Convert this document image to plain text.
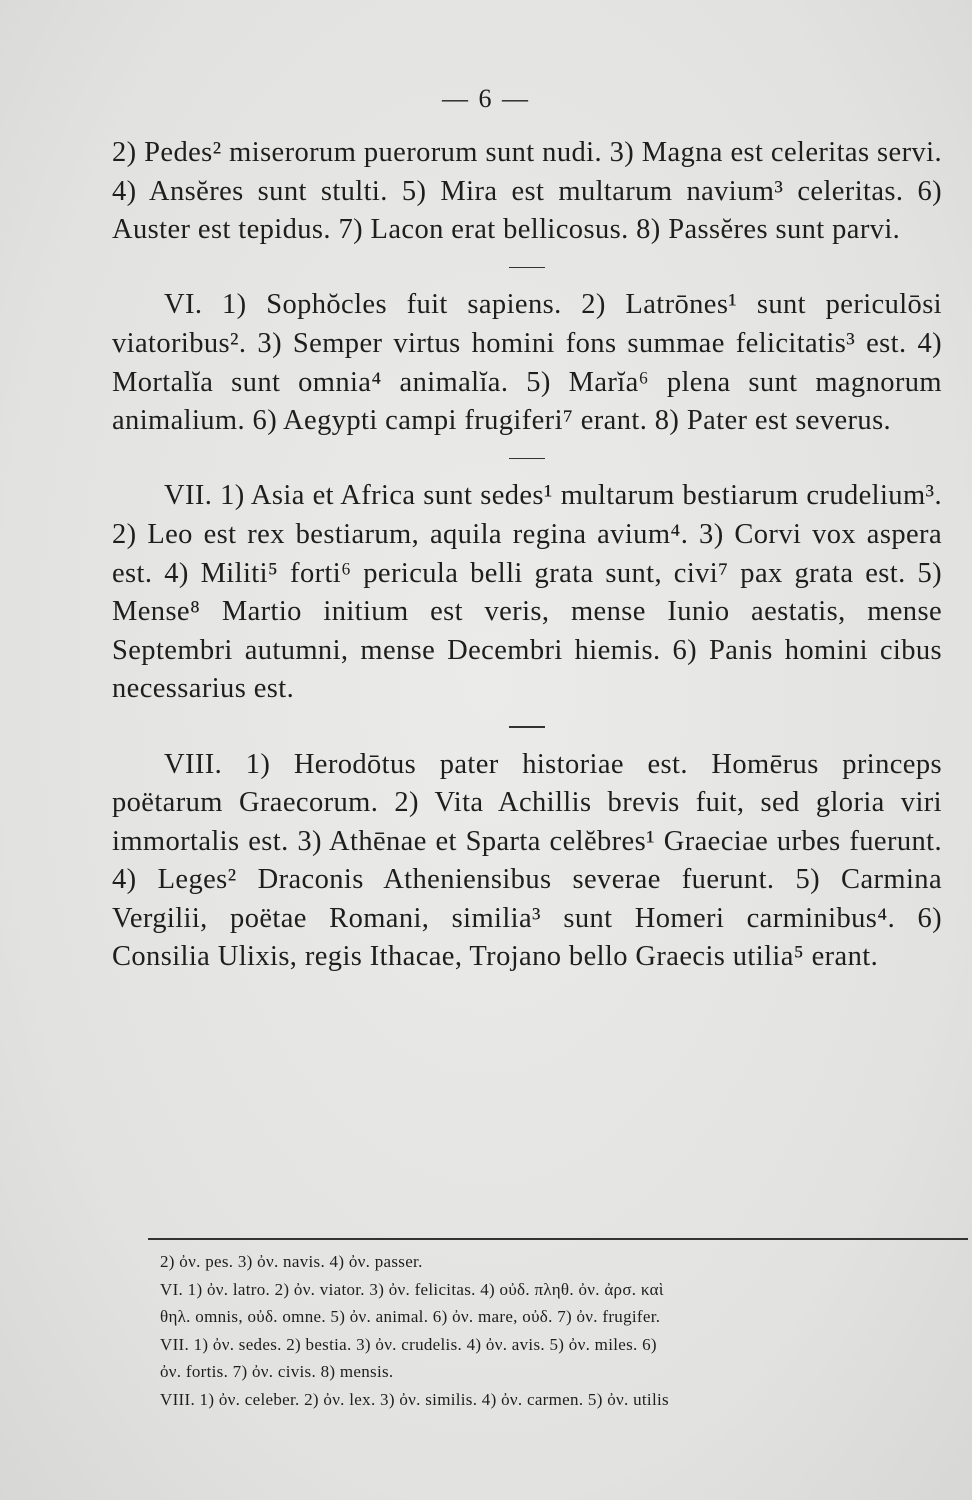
— 6 —

2) Pedes² miserorum puerorum sunt nudi. 3) Magna est celeritas servi. 4) Ansĕres sunt stulti. 5) Mira est multarum navium³ celeritas. 6) Auster est tepidus. 7) Lacon erat bellicosus. 8) Passĕres sunt parvi.

VI. 1) Sophŏcles fuit sapiens. 2) Latrōnes¹ sunt periculōsi viatoribus². 3) Semper virtus homini fons summae felicitatis³ est. 4) Mortalĭa sunt omnia⁴ animalĭa. 5) Marĭa⁶ plena sunt magnorum animalium. 6) Aegypti campi frugiferi⁷ erant. 8) Pater est severus.

VII. 1) Asia et Africa sunt sedes¹ multarum bestiarum crudelium³. 2) Leo est rex bestiarum, aquila regina avium⁴. 3) Corvi vox aspera est. 4) Militi⁵ forti⁶ pericula belli grata sunt, civi⁷ pax grata est. 5) Mense⁸ Martio initium est veris, mense Iunio aestatis, mense Septembri autumni, mense Decembri hiemis. 6) Panis homini cibus necessarius est.

VIII. 1) Herodōtus pater historiae est. Homērus princeps poëtarum Graecorum. 2) Vita Achillis brevis fuit, sed gloria viri immortalis est. 3) Athēnae et Sparta celĕbres¹ Graeciae urbes fuerunt. 4) Leges² Draconis Atheniensibus severae fuerunt. 5) Carmina Vergilii, poëtae Romani, similia³ sunt Homeri carminibus⁴. 6) Consilia Ulixis, regis Ithacae, Trojano bello Graecis utilia⁵ erant.

2) ὀν. pes. 3) ὀν. navis. 4) ὀν. passer.
VI. 1) ὀν. latro. 2) ὀν. viator. 3) ὀν. felicitas. 4) οὐδ. πληθ. ὀν. ἀρσ. καὶ
θηλ. omnis, οὐδ. omne. 5) ὀν. animal. 6) ὀν. mare, οὐδ. 7) ὀν. frugifer.
VII. 1) ὀν. sedes. 2) bestia. 3) ὀν. crudelis. 4) ὀν. avis. 5) ὀν. miles. 6)
ὀν. fortis. 7) ὀν. civis. 8) mensis.
VIII. 1) ὀν. celeber. 2) ὀν. lex. 3) ὀν. similis. 4) ὀν. carmen. 5) ὀν. utilis
